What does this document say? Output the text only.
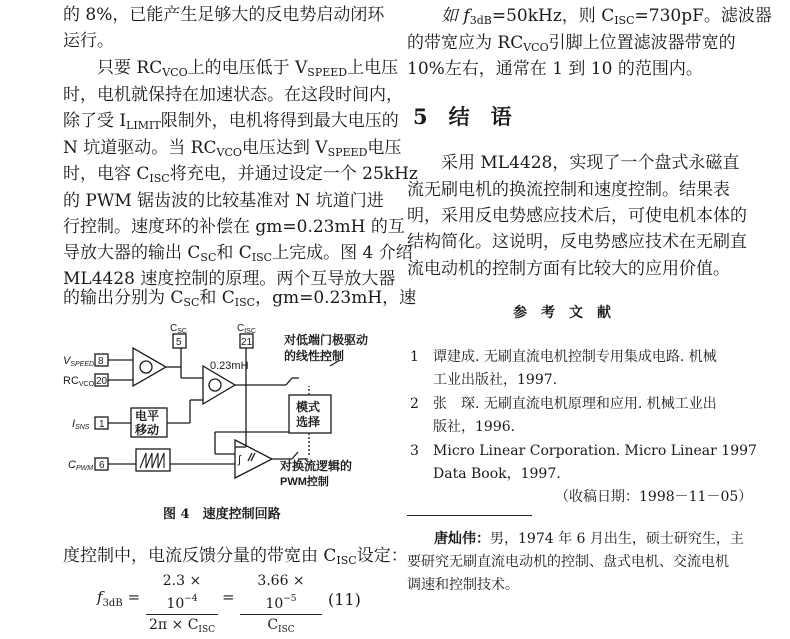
的 8%，已能产生足够大的反电势启动闭环
运行。
　　只要 RCVCO上的电压低于 VSPEED上电压
时，电机就保持在加速状态。在这段时间内，
除了受 ILIMIT限制外，电机将得到最大电压的
N 坑道驱动。当 RCVCO电压达到 VSPEED电压
时，电容 CISC将充电，并通过设定一个 25kHz
的 PWM 锯齿波的比较基准对 N 坑道门进
行控制。速度环的补偿在 gm=0.23mH 的互
导放大器的输出 CSC和 CISC上完成。图 4 介绍
ML4428 速度控制的原理。两个互导放大器
的输出分别为 CSC和 CISC，gm=0.23mH，速
VSPEED 8
RCVCO 20
ISNS 1
CPWM 6
$C_{SC}$
5
$C_{ISC}$
21
0.23mH
电平
移动
模式
选择
对低端门极驱动
的线性控制
对换流逻辑的
PWM控制
∫
图 4　速度控制回路
度控制中，电流反馈分量的带宽由 CISC设定：
$f_{3dB}$ =
$2.3 \times 10^{-4}$
$2\pi \times C_{ISC}$
=
$3.66 \times 10^{-5}$
$C_{ISC}$
(11)
　　如 f3dB=50kHz，则 CISC=730pF。滤波器
的带宽应为 RCVCO引脚上位置滤波器带宽的
10%左右，通常在 1 到 10 的范围内。
5　结　语
　　采用 ML4428，实现了一个盘式永磁直
流无刷电机的换流控制和速度控制。结果表
明，采用反电势感应技术后，可使电机本体的
结构简化。这说明，反电势感应技术在无刷直
流电动机的控制方面有比较大的应用价值。
参考文献
1 谭建成. 无刷直流电机控制专用集成电路. 机械
工业出版社，1997.
2 张　琛. 无刷直流电机原理和应用. 机械工业出
版社，1996.
3 Micro Linear Corporation. Micro Linear 1997
Data Book，1997.
（收稿日期：1998－11－05）
唐灿伟：男，1974 年 6 月出生，硕士研究生，主
要研究无刷直流电动机的控制、盘式电机、交流电机
调速和控制技术。
